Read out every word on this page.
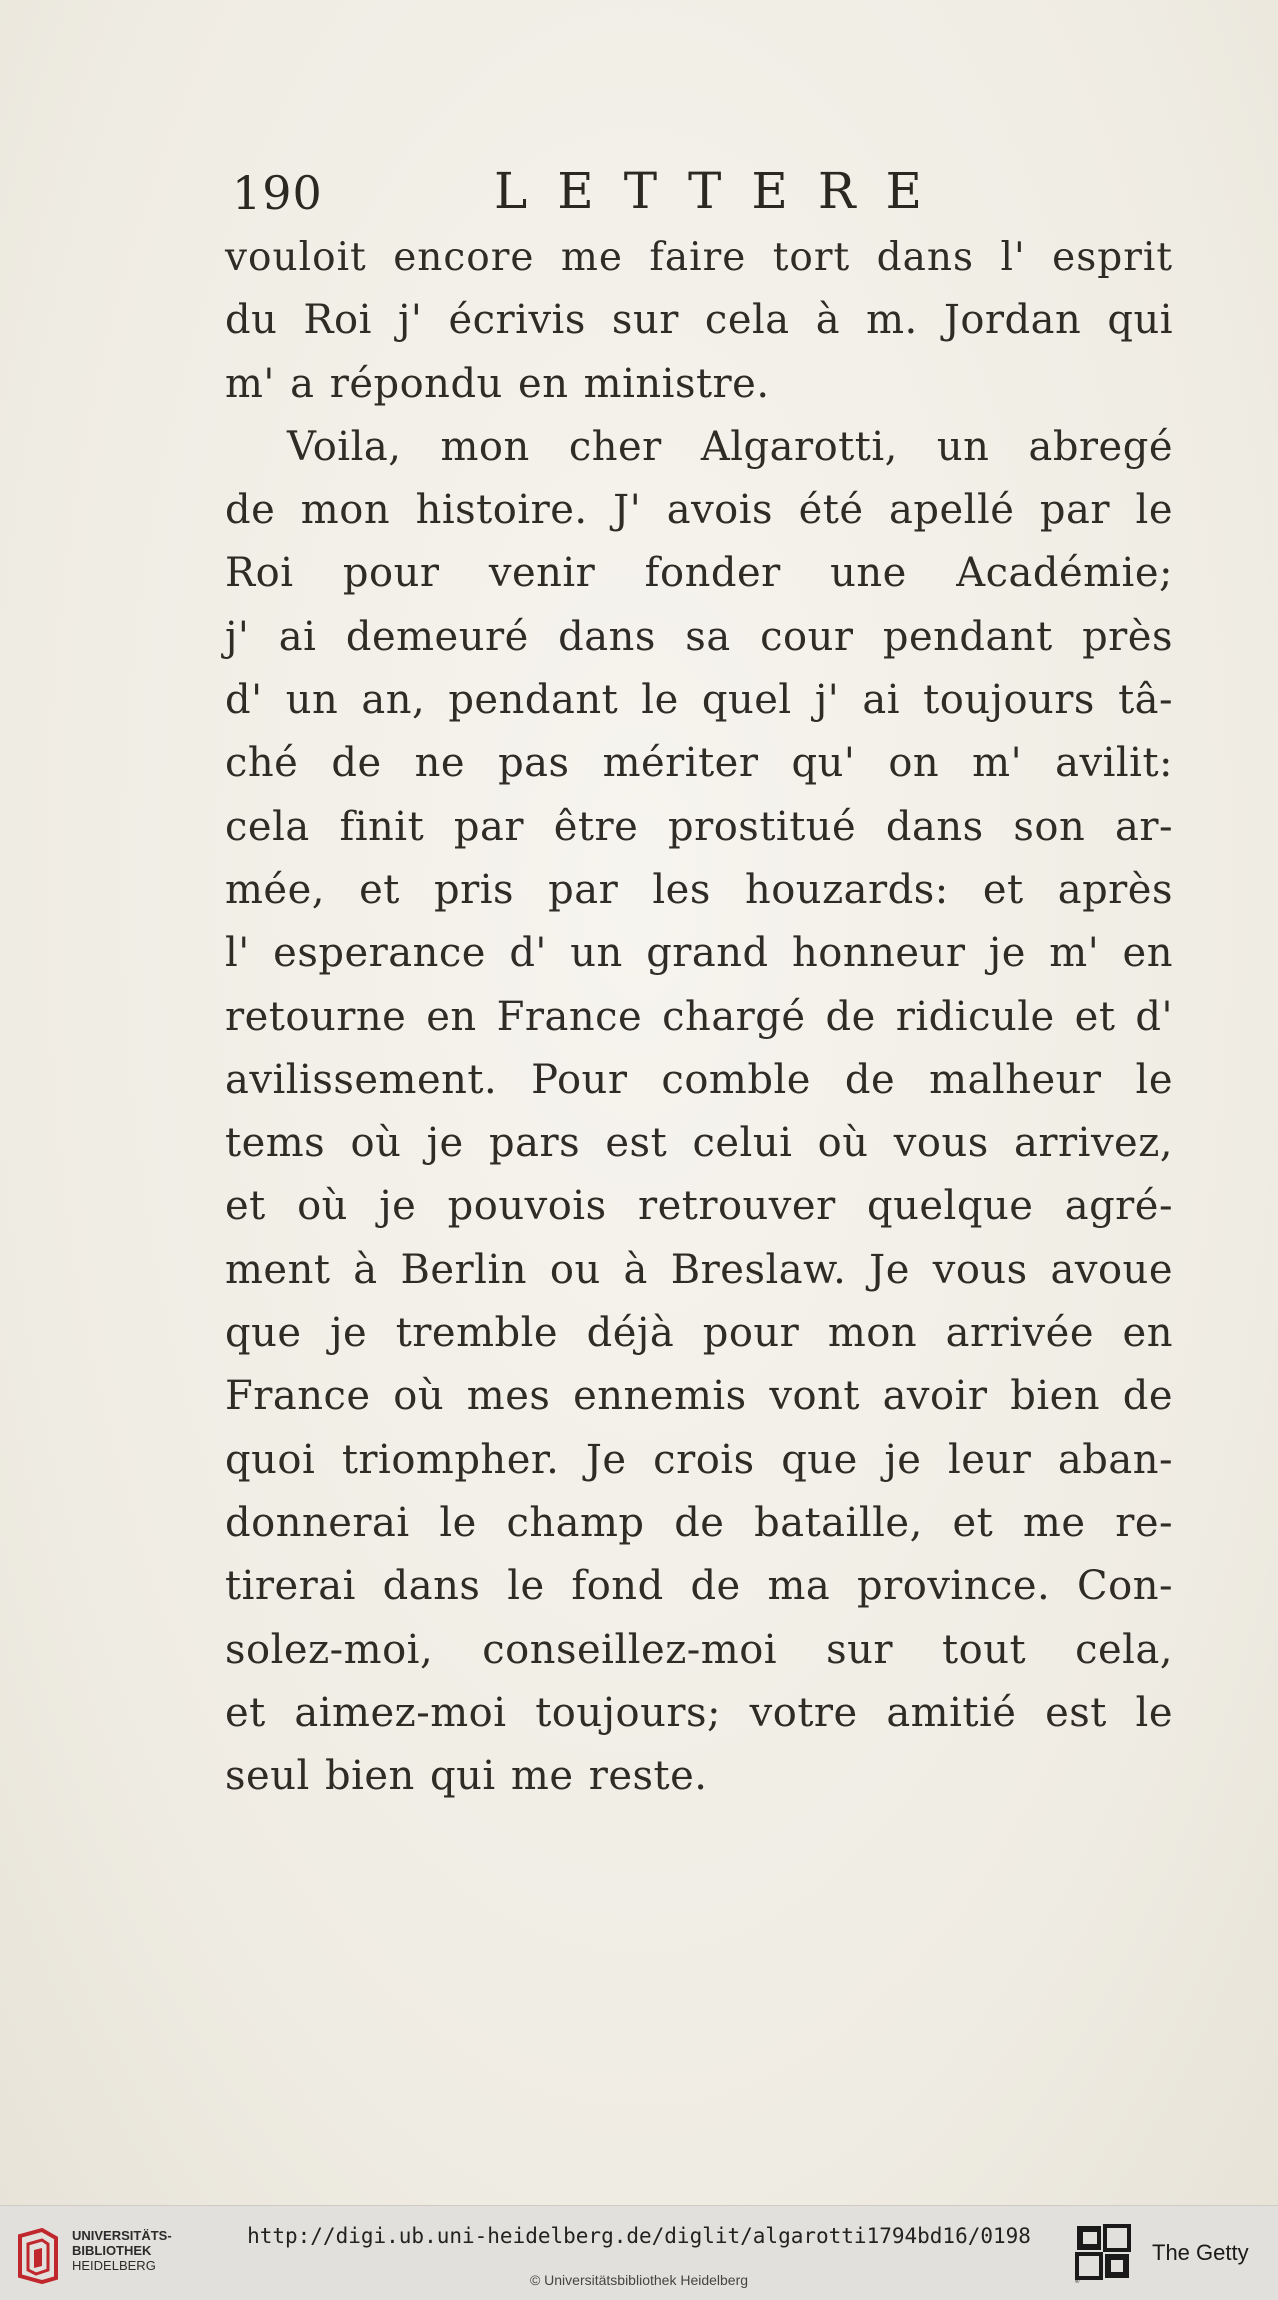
190	LETTERE
vouloit encore me faire tort dans l' esprit
du Roi j' écrivis sur cela à m. Jordan qui
m' a répondu en ministre.
Voila, mon cher Algarotti, un abregé
de mon histoire. J' avois été apellé par le
Roi pour venir fonder une Académie;
j' ai demeuré dans sa cour pendant près
d' un an, pendant le quel j' ai toujours tâ-
ché de ne pas mériter qu' on m' avilit:
cela finit par être prostitué dans son ar-
mée, et pris par les houzards: et après
l' esperance d' un grand honneur je m' en
retourne en France chargé de ridicule et d'
avilissement. Pour comble de malheur le
tems où je pars est celui où vous arrivez,
et où je pouvois retrouver quelque agré-
ment à Berlin ou à Breslaw. Je vous avoue
que je tremble déjà pour mon arrivée en
France où mes ennemis vont avoir bien de
quoi triompher. Je crois que je leur aban-
donnerai le champ de bataille, et me re-
tirerai dans le fond de ma province. Con-
solez-moi, conseillez-moi sur tout cela,
et aimez-moi toujours; votre amitié est le
seul bien qui me reste.
UNIVERSITÄTS-
BIBLIOTHEK
HEIDELBERG
http://digi.ub.uni-heidelberg.de/diglit/algarotti1794bd16/0198
© Universitätsbibliothek Heidelberg	®
The Getty
